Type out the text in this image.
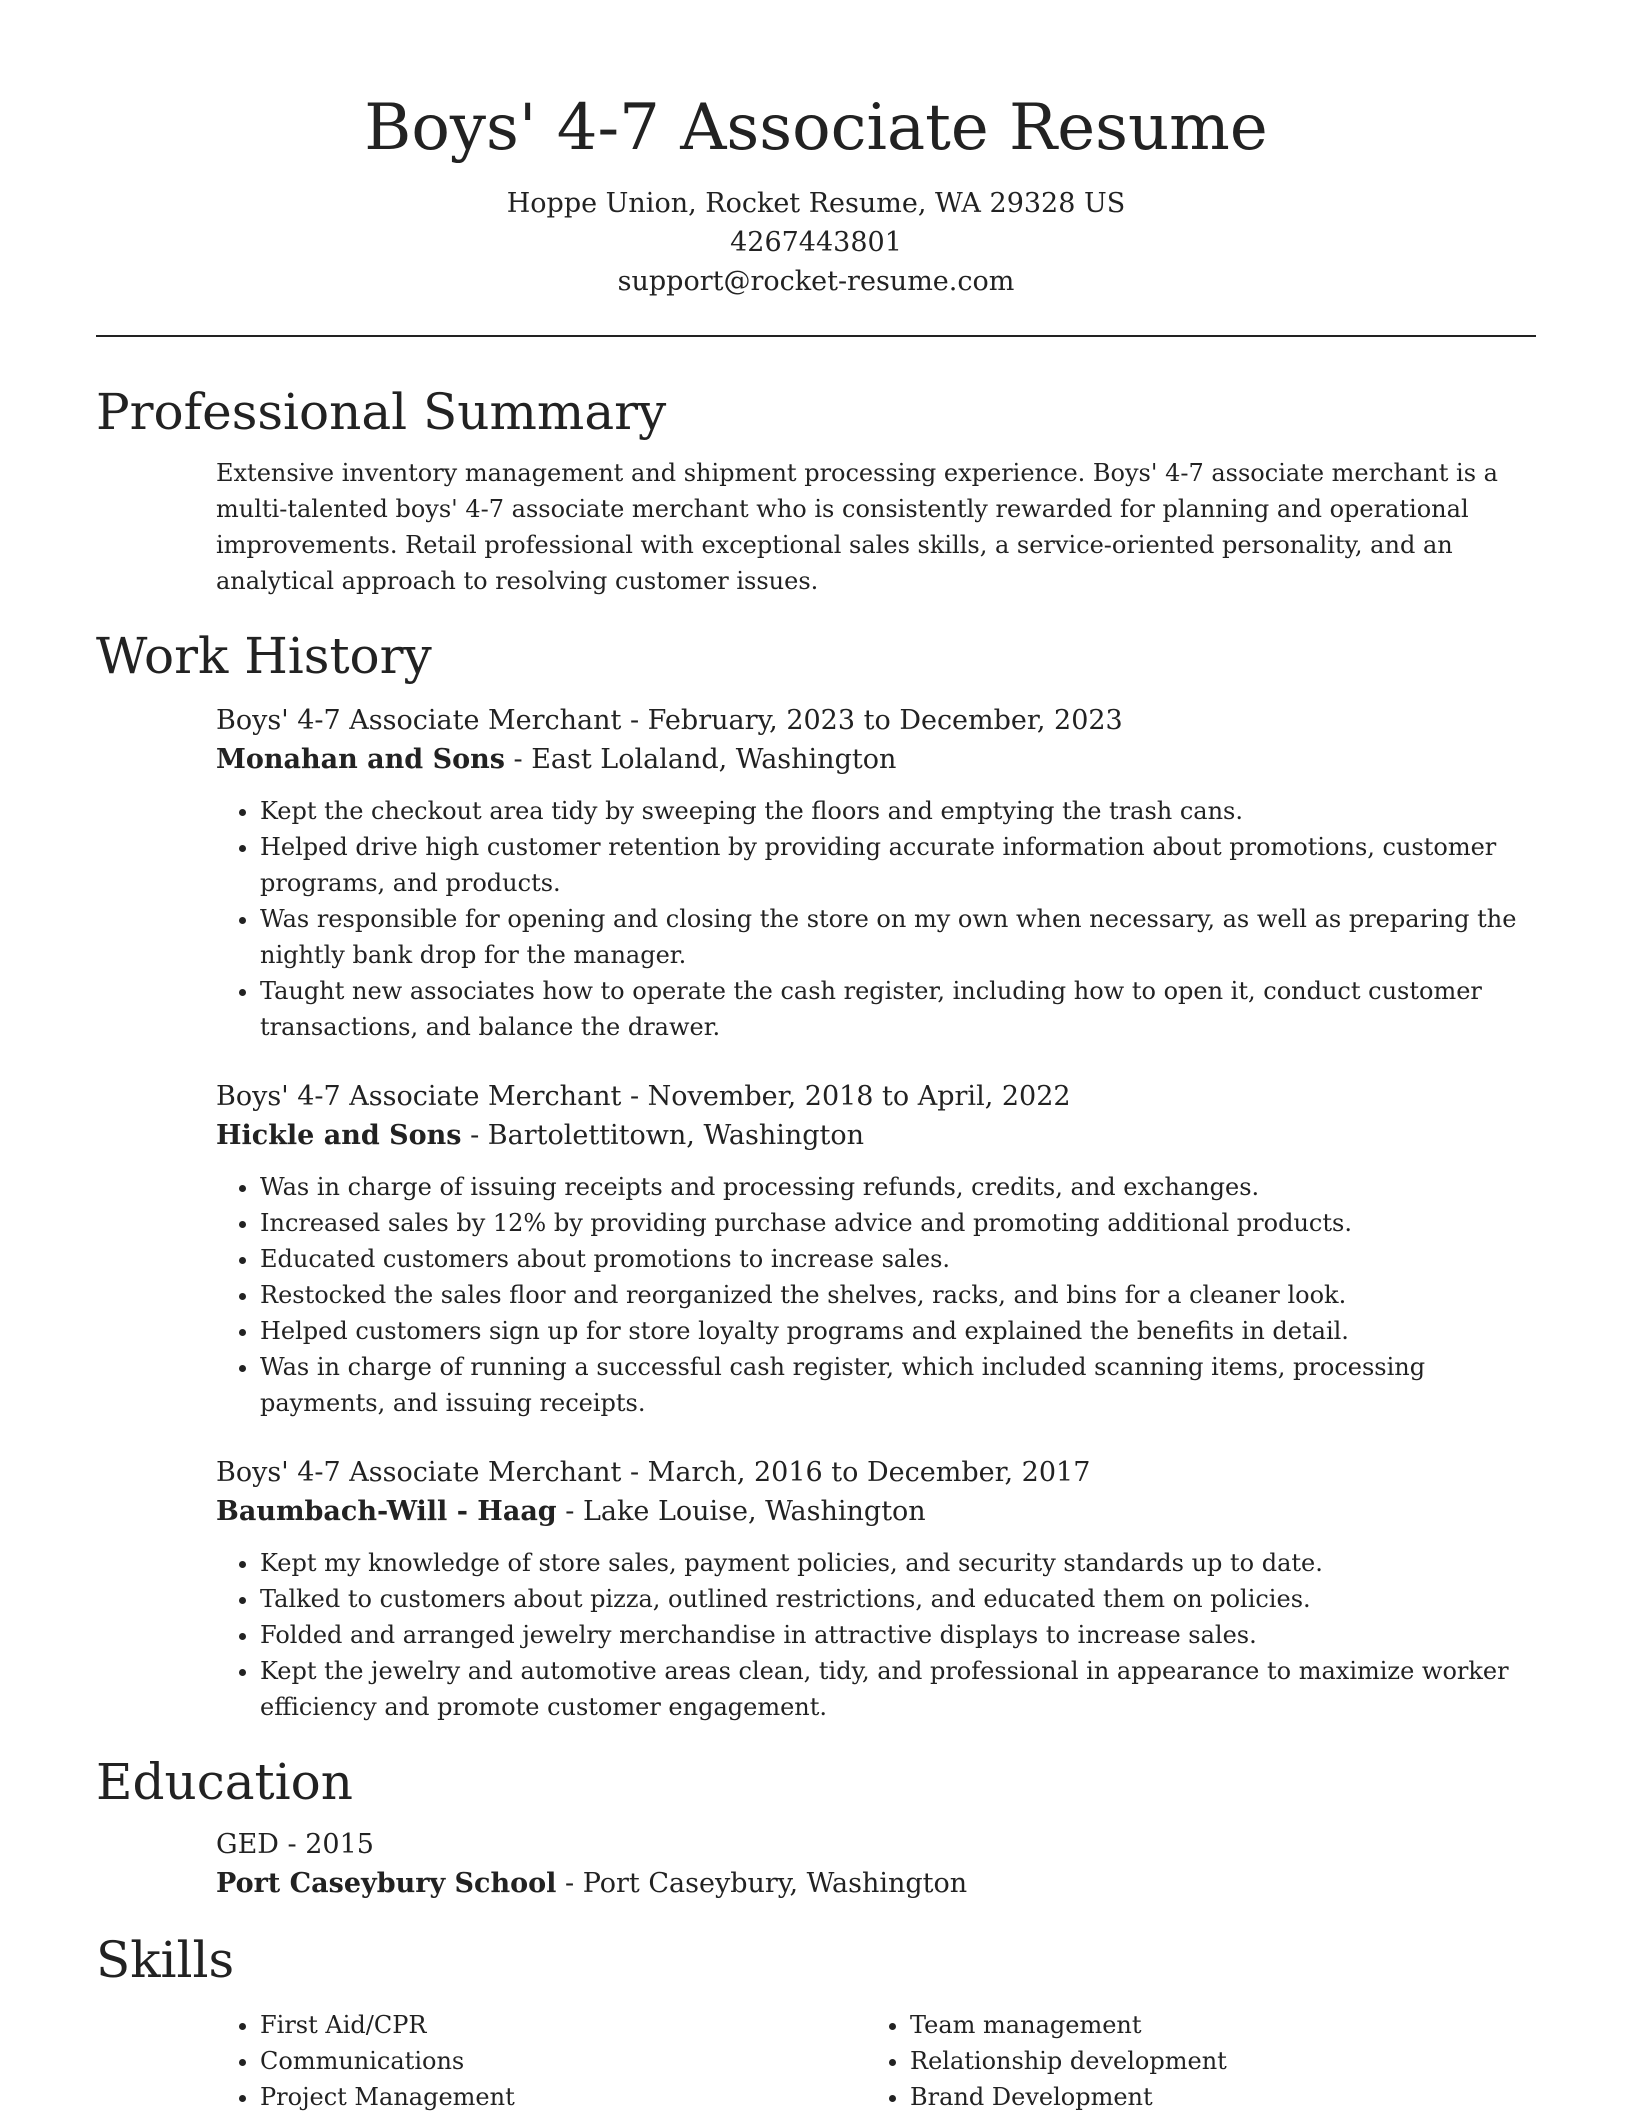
Boys' 4-7 Associate Resume
Hoppe Union, Rocket Resume, WA 29328 US
4267443801
support@rocket-resume.com
Professional Summary

Extensive inventory management and shipment processing experience. Boys' 4-7 associate merchant is a multi-talented boys' 4-7 associate merchant who is consistently rewarded for planning and operational improvements. Retail professional with exceptional sales skills, a service-oriented personality, and an analytical approach to resolving customer issues.

Work History
Boys' 4-7 Associate Merchant - February, 2023 to December, 2023
Monahan and Sons - East Lolaland, Washington
• Kept the checkout area tidy by sweeping the floors and emptying the trash cans.
• Helped drive high customer retention by providing accurate information about promotions, customer programs, and products.
• Was responsible for opening and closing the store on my own when necessary, as well as preparing the nightly bank drop for the manager.
• Taught new associates how to operate the cash register, including how to open it, conduct customer transactions, and balance the drawer.
Boys' 4-7 Associate Merchant - November, 2018 to April, 2022
Hickle and Sons - Bartolettitown, Washington
• Was in charge of issuing receipts and processing refunds, credits, and exchanges.
• Increased sales by 12% by providing purchase advice and promoting additional products.
• Educated customers about promotions to increase sales.
• Restocked the sales floor and reorganized the shelves, racks, and bins for a cleaner look.
• Helped customers sign up for store loyalty programs and explained the benefits in detail.
• Was in charge of running a successful cash register, which included scanning items, processing payments, and issuing receipts.
Boys' 4-7 Associate Merchant - March, 2016 to December, 2017
Baumbach-Will - Haag - Lake Louise, Washington
• Kept my knowledge of store sales, payment policies, and security standards up to date.
• Talked to customers about pizza, outlined restrictions, and educated them on policies.
• Folded and arranged jewelry merchandise in attractive displays to increase sales.
• Kept the jewelry and automotive areas clean, tidy, and professional in appearance to maximize worker efficiency and promote customer engagement.
Education
GED - 2015
Port Caseybury School - Port Caseybury, Washington
Skills
• First Aid/CPR
• Communications
• Project Management
• Team management
• Relationship development
• Brand Development
